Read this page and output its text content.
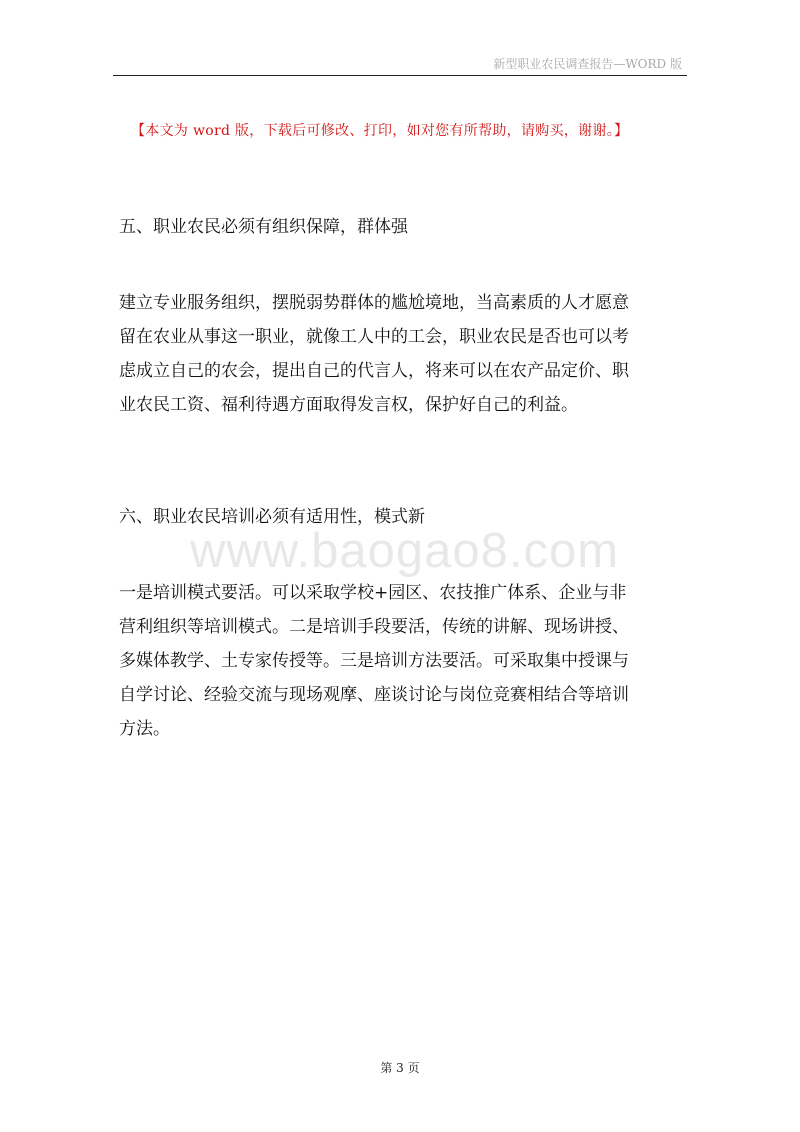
新型职业农民调查报告—WORD 版
【本文为 word 版，下载后可修改、打印，如对您有所帮助，请购买，谢谢。】
五、职业农民必须有组织保障，群体强

建立专业服务组织，摆脱弱势群体的尴尬境地，当高素质的人才愿意
留在农业从事这一职业，就像工人中的工会，职业农民是否也可以考
虑成立自己的农会，提出自己的代言人，将来可以在农产品定价、职
业农民工资、福利待遇方面取得发言权，保护好自己的利益。

六、职业农民培训必须有适用性，模式新
www.baogao8.com

一是培训模式要活。可以采取学校+园区、农技推广体系、企业与非
营利组织等培训模式。二是培训手段要活，传统的讲解、现场讲授、
多媒体教学、土专家传授等。三是培训方法要活。可采取集中授课与
自学讨论、经验交流与现场观摩、座谈讨论与岗位竞赛相结合等培训
方法。

第 3 页
